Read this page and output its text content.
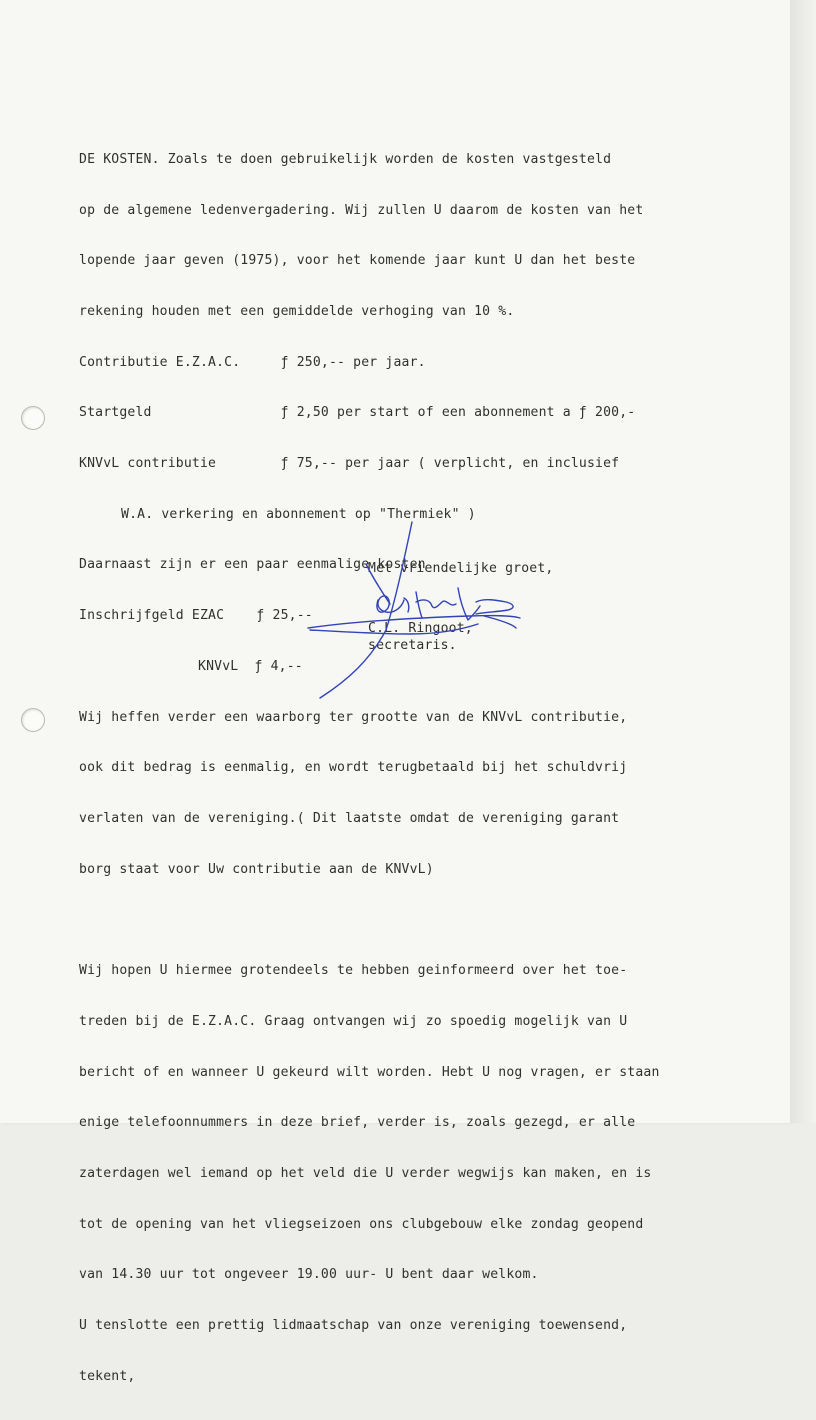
DE KOSTEN. Zoals te doen gebruikelijk worden de kosten vastgesteld

op de algemene ledenvergadering. Wij zullen U daarom de kosten van het

lopende jaar geven (1975), voor het komende jaar kunt U dan het beste

rekening houden met een gemiddelde verhoging van 10 %.

Contributie E.Z.A.C.     ƒ 250,-- per jaar.

Startgeld                ƒ 2,50 per start of een abonnement a ƒ 200,-

KNVvL contributie        ƒ 75,-- per jaar ( verplicht, en inclusief

W.A. verkering en abonnement op "Thermiek" )

Daarnaast zijn er een paar eenmalige kosten

Inschrijfgeld EZAC    ƒ 25,--

KNVvL  ƒ 4,--

Wij heffen verder een waarborg ter grootte van de KNVvL contributie,

ook dit bedrag is eenmalig, en wordt terugbetaald bij het schuldvrij

verlaten van de vereniging.( Dit laatste omdat de vereniging garant

borg staat voor Uw contributie aan de KNVvL)

Wij hopen U hiermee grotendeels te hebben geinformeerd over het toe-

treden bij de E.Z.A.C. Graag ontvangen wij zo spoedig mogelijk van U

bericht of en wanneer U gekeurd wilt worden. Hebt U nog vragen, er staan

enige telefoonnummers in deze brief, verder is, zoals gezegd, er alle

zaterdagen wel iemand op het veld die U verder wegwijs kan maken, en is

tot de opening van het vliegseizoen ons clubgebouw elke zondag geopend

van 14.30 uur tot ongeveer 19.00 uur- U bent daar welkom.

U tenslotte een prettig lidmaatschap van onze vereniging toewensend,

tekent,

Met vriendelijke groet,
C.L. Ringoot,
secretaris.
